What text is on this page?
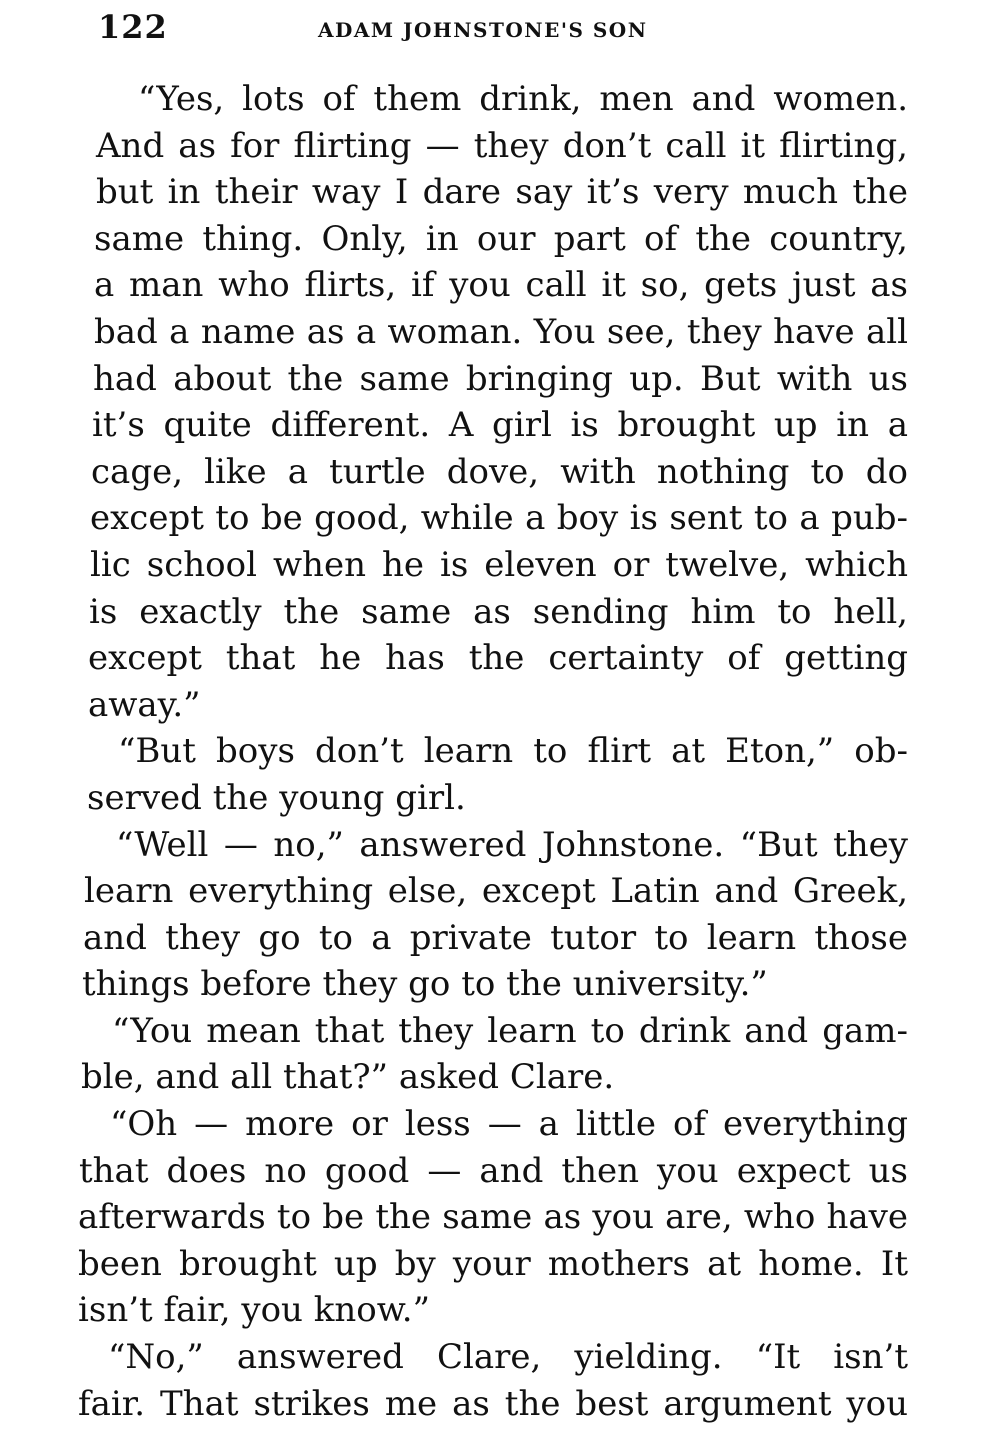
122	ADAM JOHNSTONE'S SON
“Yes, lots of them drink, men and women.
And as for flirting — they don’t call it flirting,
but in their way I dare say it’s very much the
same thing. Only, in our part of the country,
a man who flirts, if you call it so, gets just as
bad a name as a woman. You see, they have all
had about the same bringing up. But with us
it’s quite different. A girl is brought up in a
cage, like a turtle dove, with nothing to do
except to be good, while a boy is sent to a pub-
lic school when he is eleven or twelve, which
is exactly the same as sending him to hell,
except that he has the certainty of getting
away.”
“But boys don’t learn to flirt at Eton,” ob-
served the young girl.
“Well — no,” answered Johnstone. “But they
learn everything else, except Latin and Greek,
and they go to a private tutor to learn those
things before they go to the university.”
“You mean that they learn to drink and gam-
ble, and all that?” asked Clare.
“Oh — more or less — a little of everything
that does no good — and then you expect us
afterwards to be the same as you are, who have
been brought up by your mothers at home. It
isn’t fair, you know.”
“No,” answered Clare, yielding. “It isn’t
fair. That strikes me as the best argument you
